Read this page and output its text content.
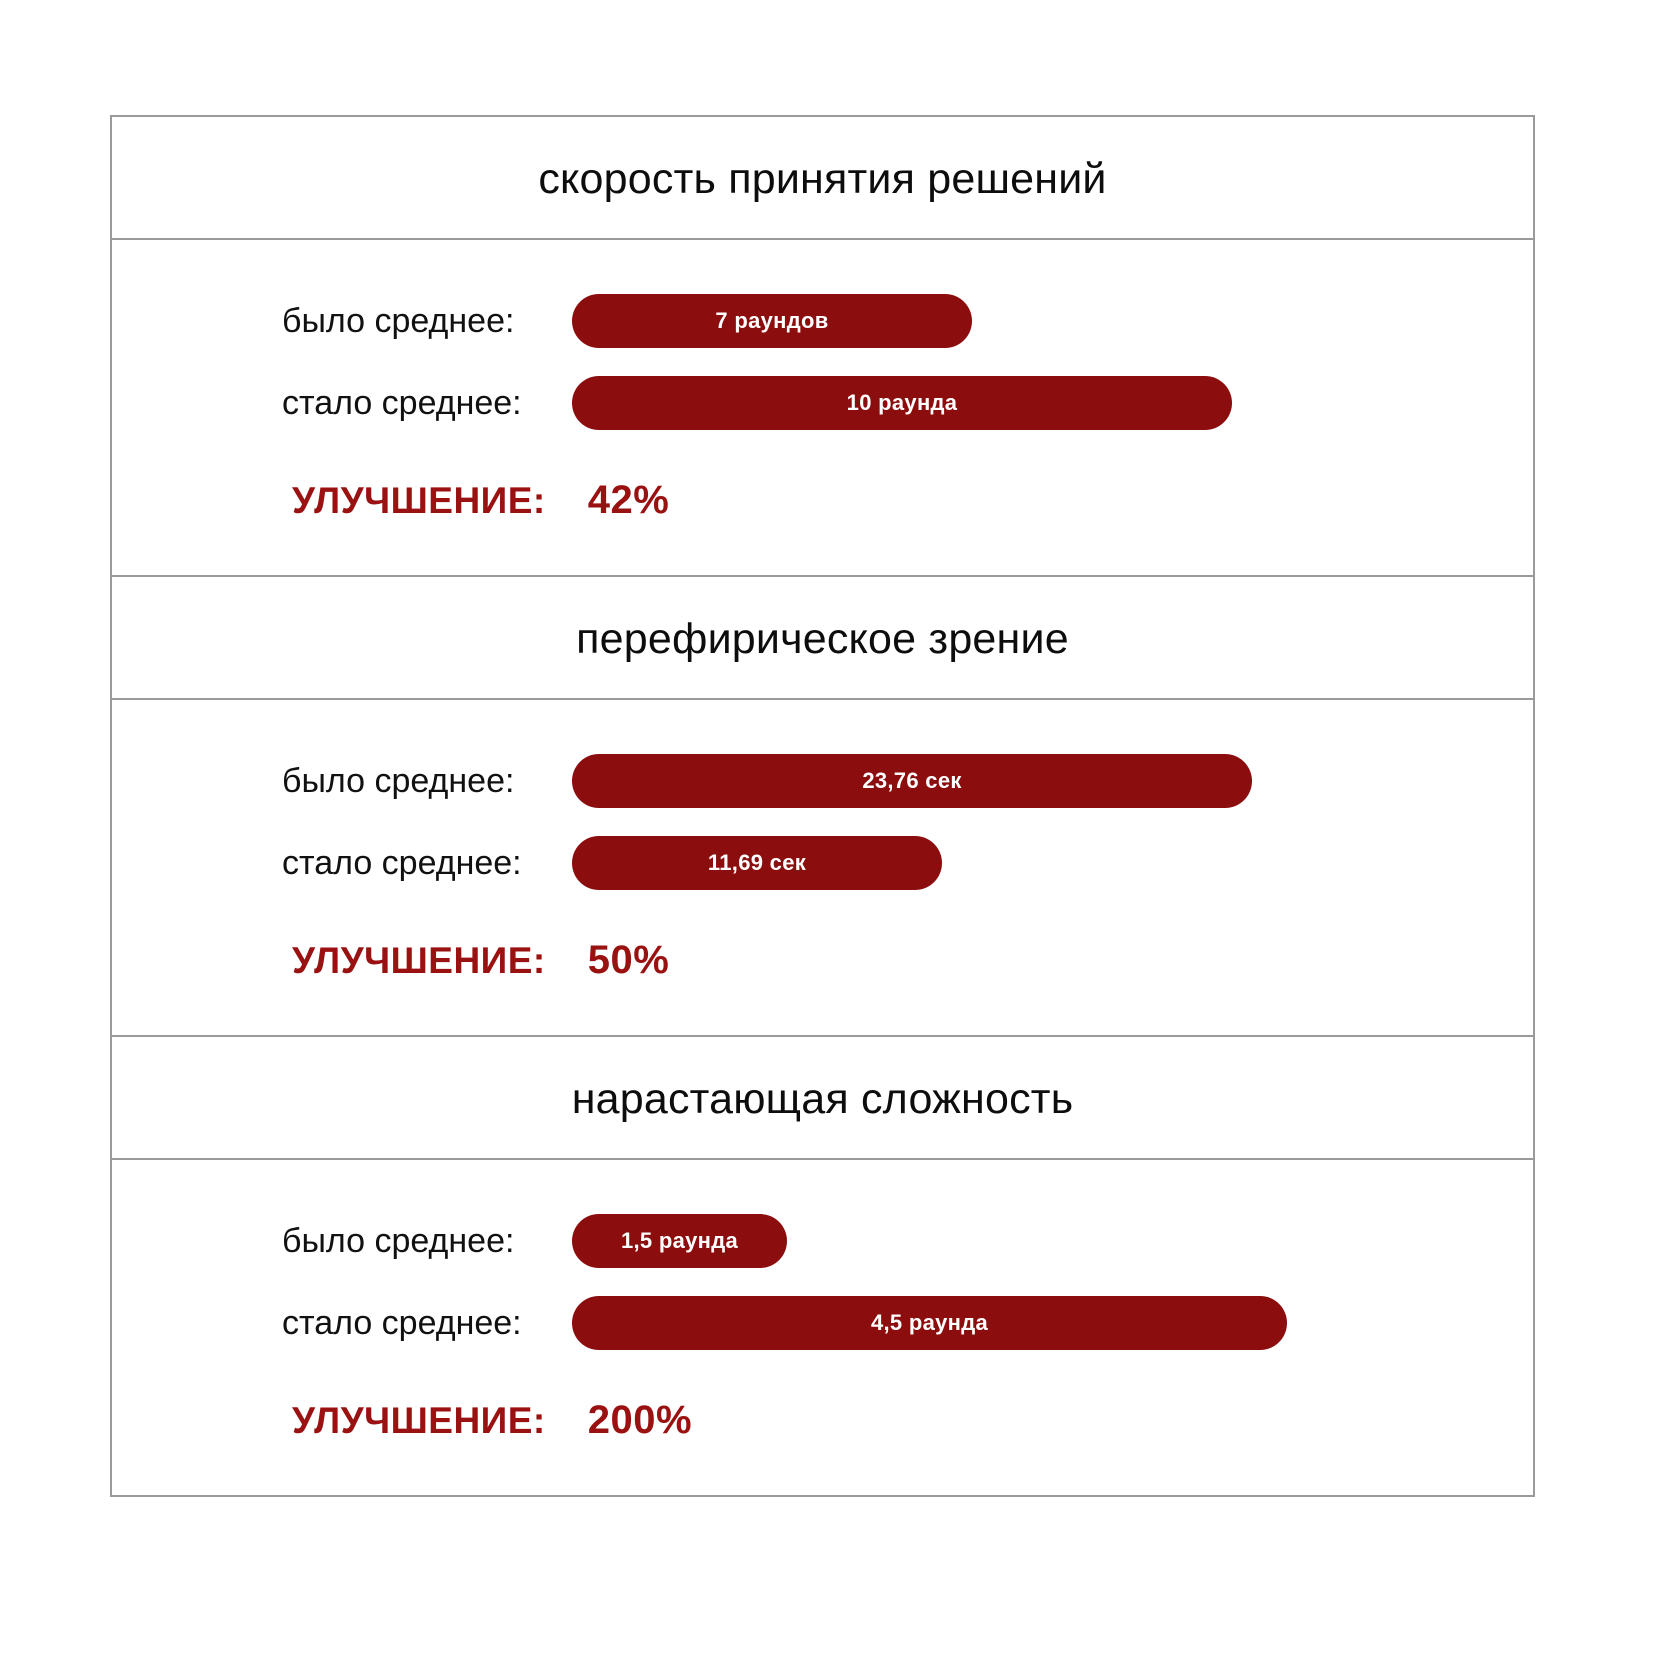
скорость принятия решений
было среднее:	7 раундов
стало среднее:	10 раунда
УЛУЧШЕНИЕ: 42%
перефирическое зрение
было среднее:	23,76 сек
стало среднее:	11,69 сек
УЛУЧШЕНИЕ: 50%
нарастающая сложность
было среднее:	1,5 раунда
стало среднее:	4,5 раунда
УЛУЧШЕНИЕ: 200%
